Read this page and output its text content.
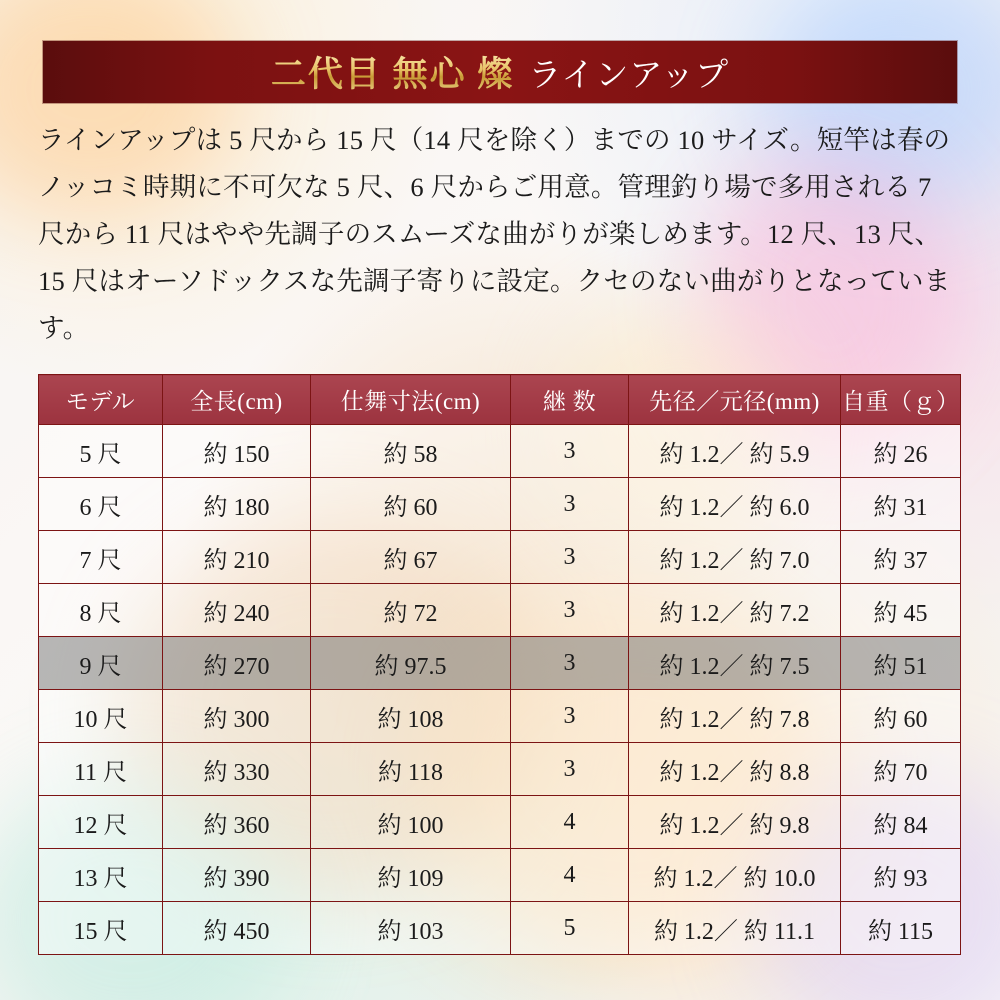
二代目 無心 燦 ラインアップ

ラインアップは 5 尺から 15 尺（14 尺を除く）までの 10 サイズ。短竿は春のノッコミ時期に不可欠な 5 尺、6 尺からご用意。管理釣り場で多用される 7 尺から 11 尺はやや先調子のスムーズな曲がりが楽しめます。12 尺、13 尺、15 尺はオーソドックスな先調子寄りに設定。クセのない曲がりとなっています。

モデル	全長(cm)	仕舞寸法(cm)	継 数	先径／元径(mm)	自重（ｇ）
5 尺	約 150	約 58	3	約 1.2／ 約 5.9	約 26
6 尺	約 180	約 60	3	約 1.2／ 約 6.0	約 31
7 尺	約 210	約 67	3	約 1.2／ 約 7.0	約 37
8 尺	約 240	約 72	3	約 1.2／ 約 7.2	約 45
9 尺	約 270	約 97.5	3	約 1.2／ 約 7.5	約 51
10 尺	約 300	約 108	3	約 1.2／ 約 7.8	約 60
11 尺	約 330	約 118	3	約 1.2／ 約 8.8	約 70
12 尺	約 360	約 100	4	約 1.2／ 約 9.8	約 84
13 尺	約 390	約 109	4	約 1.2／ 約 10.0	約 93
15 尺	約 450	約 103	5	約 1.2／ 約 11.1	約 115
